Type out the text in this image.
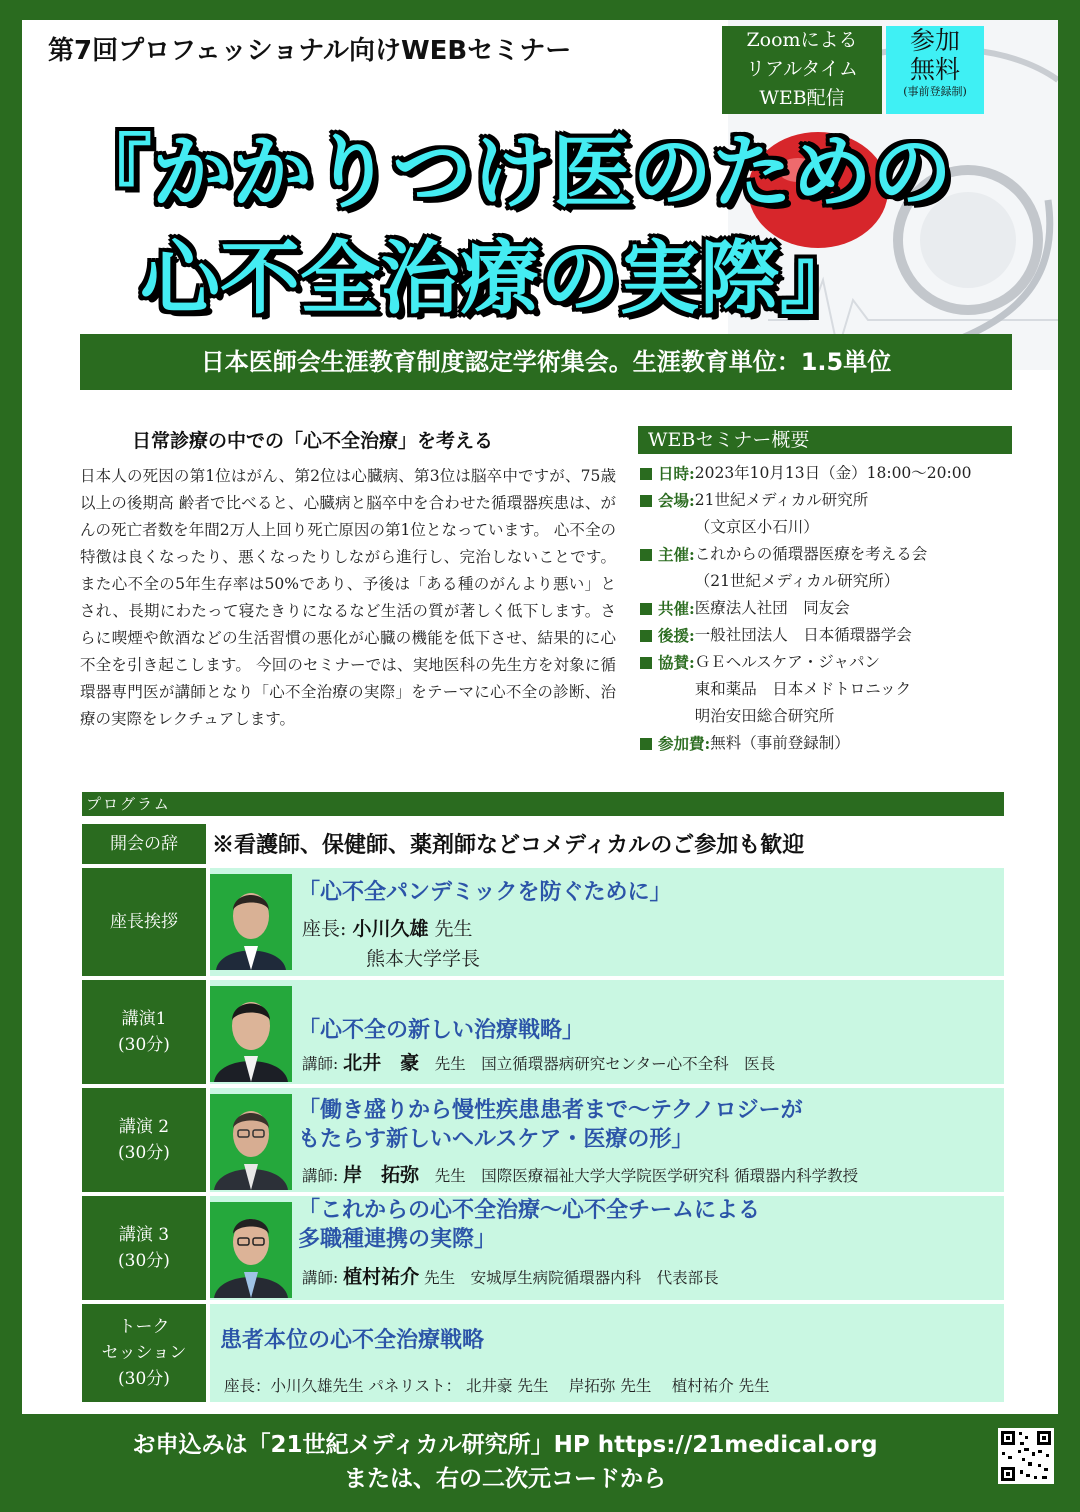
第7回プロフェッショナル向けWEBセミナー	Zoomによる
リアルタイム
WEB配信
参加
無料
(事前登録制)
『かかりつけ医のための
心不全治療の実際』
日本医師会生涯教育制度認定学術集会。生涯教育単位：1.5単位
日常診療の中での「心不全治療」を考える
日本人の死因の第1位はがん、第2位は心臓病、第3位は脳卒中ですが、75歳以上の後期高 齢者で比べると、心臓病と脳卒中を合わせた循環器疾患は、がんの死亡者数を年間2万人上回り死亡原因の第1位となっています。 心不全の特徴は良くなったり、悪くなったりしながら進行し、完治しないことです。また心不全の5年生存率は50%であり、予後は「ある種のがんより悪い」とされ、長期にわたって寝たきりになるなど生活の質が著しく低下します。さらに喫煙や飲酒などの生活習慣の悪化が心臓の機能を低下させ、結果的に心不全を引き起こします。 今回のセミナーでは、実地医科の先生方を対象に循環器専門医が講師となり「心不全治療の実際」をテーマに心不全の診断、治療の実際をレクチュアします。
WEBセミナー概要
日時: 2023年10月13日（金）18:00〜20:00
会場: 21世紀メディカル研究所
（文京区小石川）
主催: これからの循環器医療を考える会
（21世紀メディカル研究所）
共催: 医療法人社団　同友会
後援: 一般社団法人　日本循環器学会
協賛: ＧＥヘルスケア・ジャパン
東和薬品　日本メドトロニック
明治安田総合研究所
参加費: 無料（事前登録制）
プログラム
開会の辞	※看護師、保健師、薬剤師などコメディカルのご参加も歓迎
座長挨拶
「心不全パンデミックを防ぐために」
座長: 小川久雄 先生
熊本大学学長
講演1
(30分)
「心不全の新しい治療戦略」
講師: 北井　豪　 先生　 国立循環器病研究センター心不全科　医長
講演 2
(30分)
「働き盛りから慢性疾患患者まで〜テクノロジーが
もたらす新しいヘルスケア・医療の形」
講師: 岸　拓弥　 先生　 国際医療福祉大学大学院医学研究科 循環器内科学教授
講演 3
(30分)
「これからの心不全治療〜心不全チームによる
多職種連携の実際」
講師: 植村祐介 先生　 安城厚生病院循環器内科　代表部長
トーク
セッション
(30分)
患者本位の心不全治療戦略
座長：小川久雄先生 パネリスト： 北井豪 先生　 岸拓弥 先生　 植村祐介 先生
お申込みは「21世紀メディカル研究所」HP https://21medical.org
または、右の二次元コードから
